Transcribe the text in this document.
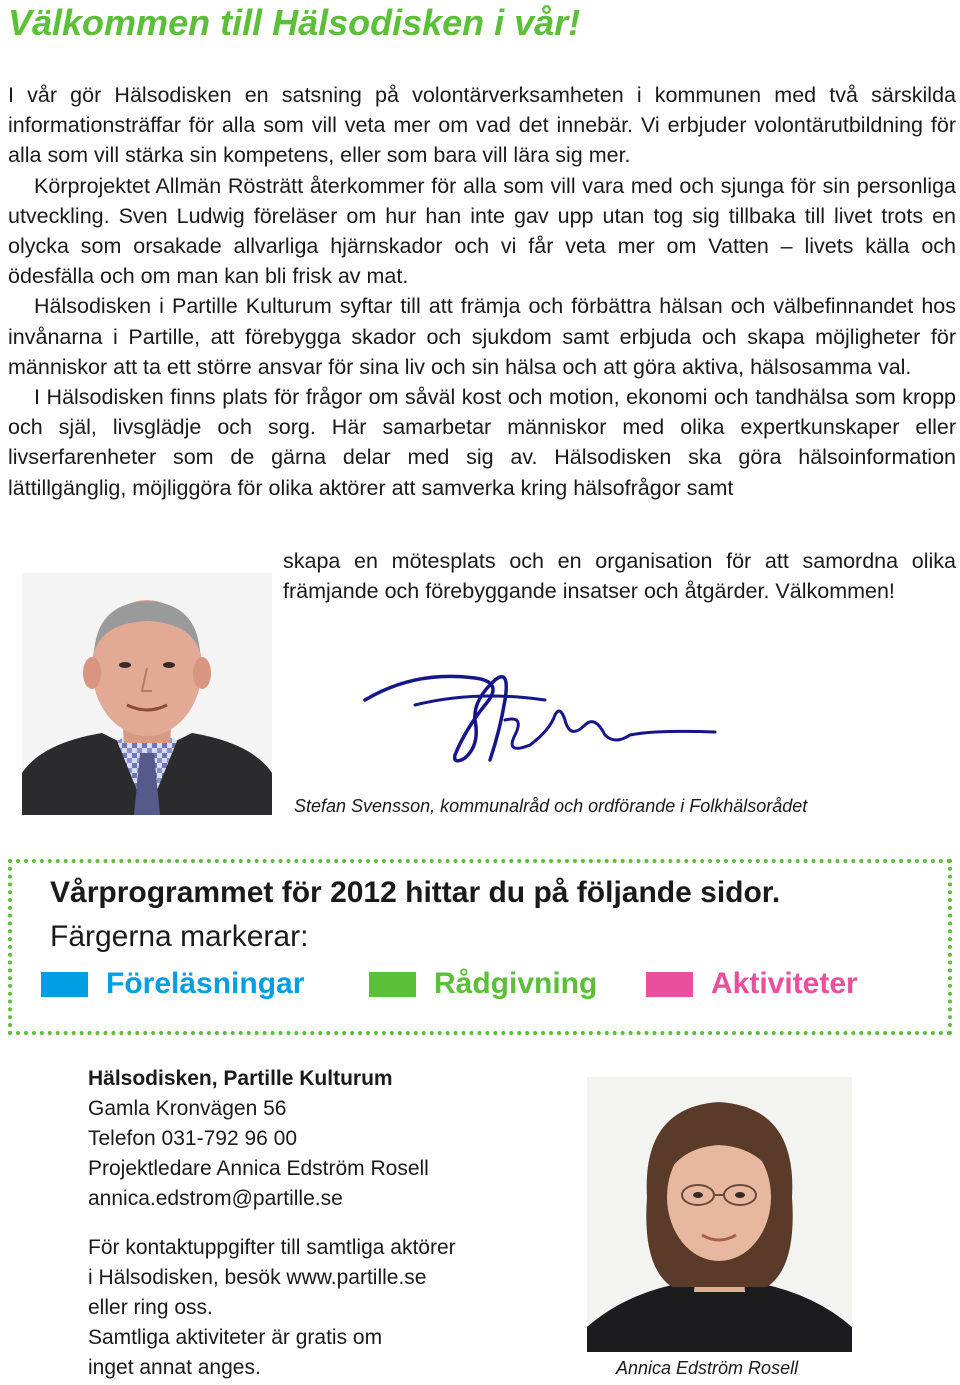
Välkommen till Hälsodisken i vår!

I vår gör Hälsodisken en satsning på volontärverksamheten i kommunen med två särskilda informationsträffar för alla som vill veta mer om vad det innebär. Vi erbjuder volontärutbildning för alla som vill stärka sin kompetens, eller som bara vill lära sig mer.

Körprojektet Allmän Rösträtt återkommer för alla som vill vara med och sjunga för sin personliga utveckling. Sven Ludwig föreläser om hur han inte gav upp utan tog sig tillbaka till livet trots en olycka som orsakade allvarliga hjärnskador och vi får veta mer om Vatten – livets källa och ödesfälla och om man kan bli frisk av mat.

Hälsodisken i Partille Kulturum syftar till att främja och förbättra hälsan och välbefinnandet hos invånarna i Partille, att förebygga skador och sjukdom samt erbjuda och skapa möjligheter för människor att ta ett större ansvar för sina liv och sin hälsa och att göra aktiva, hälsosamma val.

I Hälsodisken finns plats för frågor om såväl kost och motion, ekonomi och tandhälsa som kropp och själ, livsglädje och sorg. Här samarbetar människor med olika expertkunskaper eller livserfarenheter som de gärna delar med sig av. Hälsodisken ska göra hälsoinformation lättillgänglig, möjliggöra för olika aktörer att samverka kring hälsofrågor samt

skapa en mötesplats och en organisation för att samordna olika främjande och förebyggande insatser och åtgärder. Välkommen!

Stefan Svensson, kommunalråd och ordförande i Folkhälsorådet
Vårprogrammet för 2012 hittar du på följande sidor.
Färgerna markerar:
Föreläsningar	Rådgivning	Aktiviteter
Hälsodisken, Partille Kulturum
Gamla Kronvägen 56
Telefon 031-792 96 00
Projektledare Annica Edström Rosell
annica.edstrom@partille.se
För kontaktuppgifter till samtliga aktörer
i Hälsodisken, besök www.partille.se
eller ring oss.
Samtliga aktiviteter är gratis om
inget annat anges.	Annica Edström Rosell
